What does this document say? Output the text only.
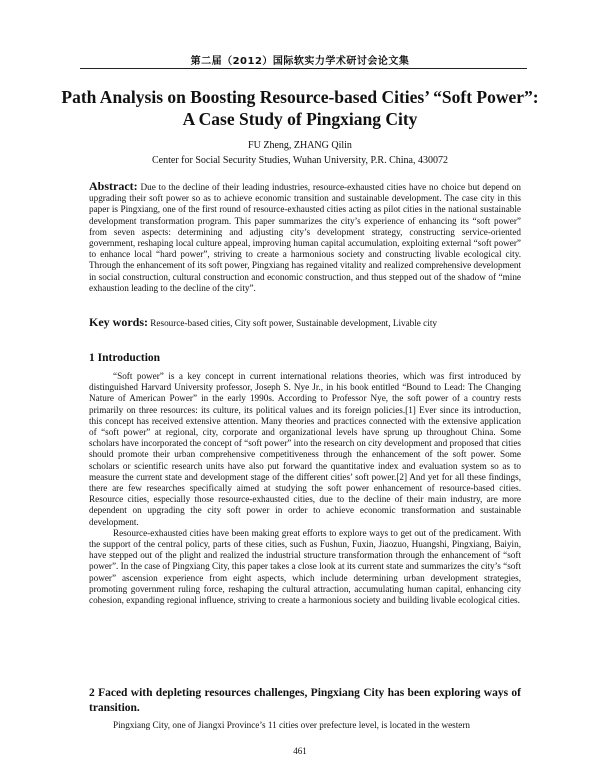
第二届（2012）国际软实力学术研讨会论文集
Path Analysis on Boosting Resource-based Cities’ “Soft Power”: A Case Study of Pingxiang City
FU Zheng, ZHANG Qilin
Center for Social Security Studies, Wuhan University, P.R. China, 430072
Abstract: Due to the decline of their leading industries, resource-exhausted cities have no choice but depend on upgrading their soft power so as to achieve economic transition and sustainable development. The case city in this paper is Pingxiang, one of the first round of resource-exhausted cities acting as pilot cities in the national sustainable development transformation program. This paper summarizes the city’s experience of enhancing its “soft power” from seven aspects: determining and adjusting city’s development strategy, constructing service-oriented government, reshaping local culture appeal, improving human capital accumulation, exploiting external “soft power” to enhance local “hard power”, striving to create a harmonious society and constructing livable ecological city. Through the enhancement of its soft power, Pingxiang has regained vitality and realized comprehensive development in social construction, cultural construction and economic construction, and thus stepped out of the shadow of “mine exhaustion leading to the decline of the city”.
Key words: Resource-based cities, City soft power, Sustainable development, Livable city
1 Introduction

“Soft power” is a key concept in current international relations theories, which was first introduced by distinguished Harvard University professor, Joseph S. Nye Jr., in his book entitled “Bound to Lead: The Changing Nature of American Power” in the early 1990s. According to Professor Nye, the soft power of a country rests primarily on three resources: its culture, its political values and its foreign policies.[1] Ever since its introduction, this concept has received extensive attention. Many theories and practices connected with the extensive application of “soft power” at regional, city, corporate and organizational levels have sprung up throughout China. Some scholars have incorporated the concept of “soft power” into the research on city development and proposed that cities should promote their urban comprehensive competitiveness through the enhancement of the soft power. Some scholars or scientific research units have also put forward the quantitative index and evaluation system so as to measure the current state and development stage of the different cities’ soft power.[2] And yet for all these findings, there are few researches specifically aimed at studying the soft power enhancement of resource-based cities. Resource cities, especially those resource-exhausted cities, due to the decline of their main industry, are more dependent on upgrading the city soft power in order to achieve economic transformation and sustainable development.

Resource-exhausted cities have been making great efforts to explore ways to get out of the predicament. With the support of the central policy, parts of these cities, such as Fushun, Fuxin, Jiaozuo, Huangshi, Pingxiang, Baiyin, have stepped out of the plight and realized the industrial structure transformation through the enhancement of “soft power”. In the case of Pingxiang City, this paper takes a close look at its current state and summarizes the city’s “soft power” ascension experience from eight aspects, which include determining urban development strategies, promoting government ruling force, reshaping the cultural attraction, accumulating human capital, enhancing city cohesion, expanding regional influence, striving to create a harmonious society and building livable ecological cities.

2 Faced with depleting resources challenges, Pingxiang City has been exploring ways of transition.

Pingxiang City, one of Jiangxi Province’s 11 cities over prefecture level, is located in the western

461
